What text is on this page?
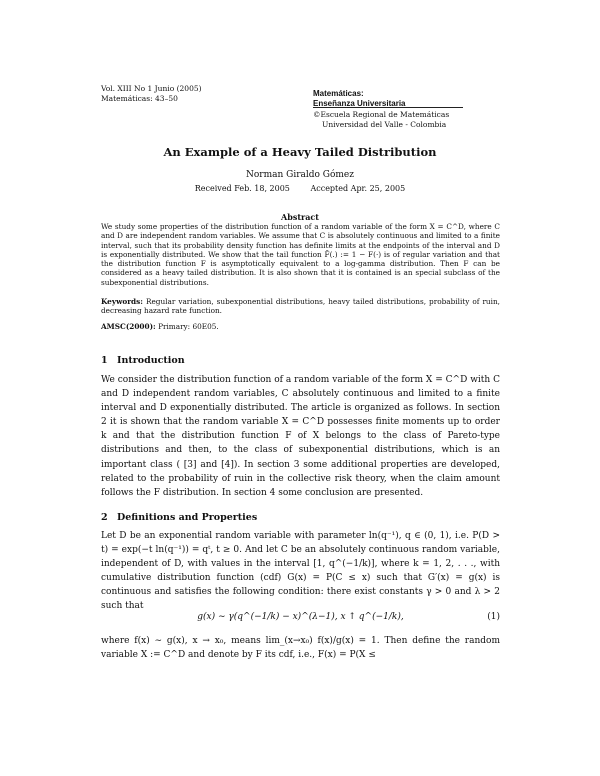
Vol. XIII No 1 Junio (2005)
Matemáticas: 43–50
Matemáticas:
Enseñanza Universitaria
©Escuela Regional de Matemáticas
Universidad del Valle - Colombia
An Example of a Heavy Tailed Distribution
Norman Giraldo Gómez
Received Feb. 18, 2005	Accepted Apr. 25, 2005
Abstract
We study some properties of the distribution function of a random variable of the form X = C^D, where C and D are independent random variables. We assume that C is absolutely continuous and limited to a finite interval, such that its probability density function has definite limits at the endpoints of the interval and D is exponentially distributed. We show that the tail function F̄(.) := 1 − F(·) is of regular variation and that the distribution function F is asymptotically equivalent to a log-gamma distribution. Then F can be considered as a heavy tailed distribution. It is also shown that it is contained is an special subclass of the subexponential distributions.
Keywords: Regular variation, subexponential distributions, heavy tailed distributions, probability of ruin, decreasing hazard rate function.
AMSC(2000): Primary: 60E05.
1 Introduction
We consider the distribution function of a random variable of the form X = C^D with C and D independent random variables, C absolutely continuous and limited to a finite interval and D exponentially distributed. The article is organized as follows. In section 2 it is shown that the random variable X = C^D possesses finite moments up to order k and that the distribution function F of X belongs to the class of Pareto-type distributions and then, to the class of subexponential distributions, which is an important class ( [3] and [4]). In section 3 some additional properties are developed, related to the probability of ruin in the collective risk theory, when the claim amount follows the F distribution. In section 4 some conclusion are presented.
2 Definitions and Properties
Let D be an exponential random variable with parameter ln(q⁻¹), q ∈ (0, 1), i.e. P(D > t) = exp(−t ln(q⁻¹)) = qᵗ, t ≥ 0. And let C be an absolutely continuous random variable, independent of D, with values in the interval [1, q^(−1/k)], where k = 1, 2, . . ., with cumulative distribution function (cdf) G(x) = P(C ≤ x) such that G′(x) = g(x) is continuous and satisfies the following condition: there exist constants γ > 0 and λ > 2 such that
g(x) ∼ γ(q^(−1/k) − x)^(λ−1), x ↑ q^(−1/k),	(1)
where f(x) ∼ g(x), x → x₀, means lim_(x→x₀) f(x)/g(x) = 1. Then define the random variable X := C^D and denote by F its cdf, i.e., F(x) = P(X ≤
